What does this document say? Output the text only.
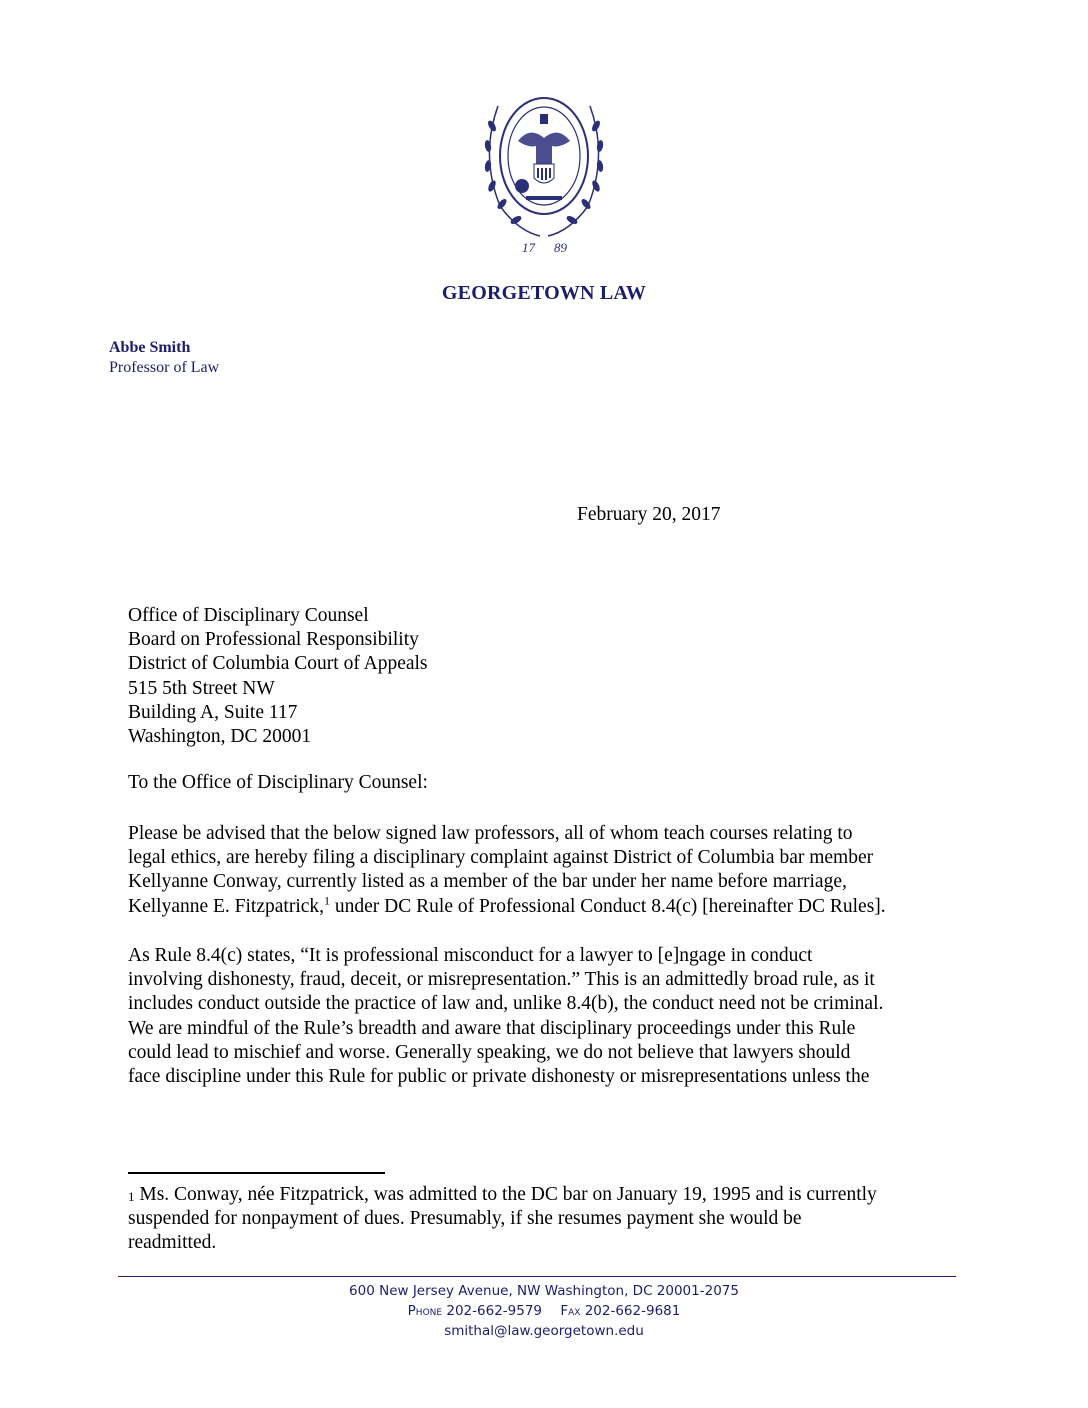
17 89
GEORGETOWN LAW
Abbe Smith
Professor of Law
February 20, 2017
Office of Disciplinary Counsel
Board on Professional Responsibility
District of Columbia Court of Appeals
515 5th Street NW
Building A, Suite 117
Washington, DC 20001
To the Office of Disciplinary Counsel:
Please be advised that the below signed law professors, all of whom teach courses relating to
legal ethics, are hereby filing a disciplinary complaint against District of Columbia bar member
Kellyanne Conway, currently listed as a member of the bar under her name before marriage,
Kellyanne E. Fitzpatrick,$^1$ under DC Rule of Professional Conduct 8.4(c) [hereinafter DC Rules].
As Rule 8.4(c) states, “It is professional misconduct for a lawyer to [e]ngage in conduct
involving dishonesty, fraud, deceit, or misrepresentation.” This is an admittedly broad rule, as it
includes conduct outside the practice of law and, unlike 8.4(b), the conduct need not be criminal.
We are mindful of the Rule’s breadth and aware that disciplinary proceedings under this Rule
could lead to mischief and worse. Generally speaking, we do not believe that lawyers should
face discipline under this Rule for public or private dishonesty or misrepresentations unless the
$^1$ Ms. Conway, née Fitzpatrick, was admitted to the DC bar on January 19, 1995 and is currently
suspended for nonpayment of dues. Presumably, if she resumes payment she would be
readmitted.
600 New Jersey Avenue, NW Washington, DC 20001-2075
Phone 202-662-9579 Fax 202-662-9681
smithal@law.georgetown.edu
